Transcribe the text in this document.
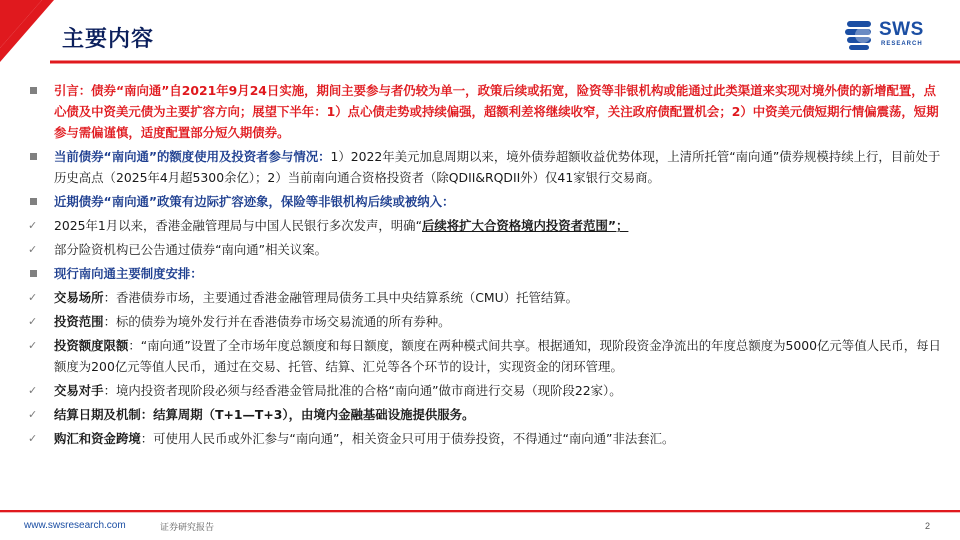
主要内容	SWS
RESEARCH
引言：债券“南向通”自2021年9月24日实施，期间主要参与者仍较为单一，政策后续或拓宽，险资等非银机构或能通过此类渠道来实现对境外债的新增配置，点心债及中资美元债为主要扩容方向；展望下半年：1）点心债走势或持续偏强，超额利差将继续收窄，关注政府债配置机会；2）中资美元债短期行情偏震荡，短期参与需偏谨慎，适度配置部分短久期债券。
当前债券“南向通”的额度使用及投资者参与情况：1）2022年美元加息周期以来，境外债券超额收益优势体现，上清所托管“南向通”债券规模持续上行，目前处于历史高点（2025年4月超5300余亿）；2）当前南向通合资格投资者（除QDII&RQDII外）仅41家银行交易商。
近期债券“南向通”政策有边际扩容迹象，保险等非银机构后续或被纳入：
✓	2025年1月以来，香港金融管理局与中国人民银行多次发声，明确“后续将扩大合资格境内投资者范围”；
✓	部分险资机构已公告通过债券“南向通”相关议案。
现行南向通主要制度安排：
✓	交易场所：香港债券市场，主要通过香港金融管理局债务工具中央结算系统（CMU）托管结算。
✓	投资范围：标的债券为境外发行并在香港债券市场交易流通的所有券种。
✓	投资额度限额：“南向通”设置了全市场年度总额度和每日额度，额度在两种模式间共享。根据通知，现阶段资金净流出的年度总额度为5000亿元等值人民币，每日额度为200亿元等值人民币，通过在交易、托管、结算、汇兑等各个环节的设计，实现资金的闭环管理。
✓	交易对手：境内投资者现阶段必须与经香港金管局批准的合格“南向通”做市商进行交易（现阶段22家）。
✓	结算日期及机制：结算周期（T+1—T+3），由境内金融基础设施提供服务。
✓	购汇和资金跨境：可使用人民币或外汇参与“南向通”，相关资金只可用于债券投资，不得通过“南向通”非法套汇。
www.swsresearch.com	证券研究报告	2
